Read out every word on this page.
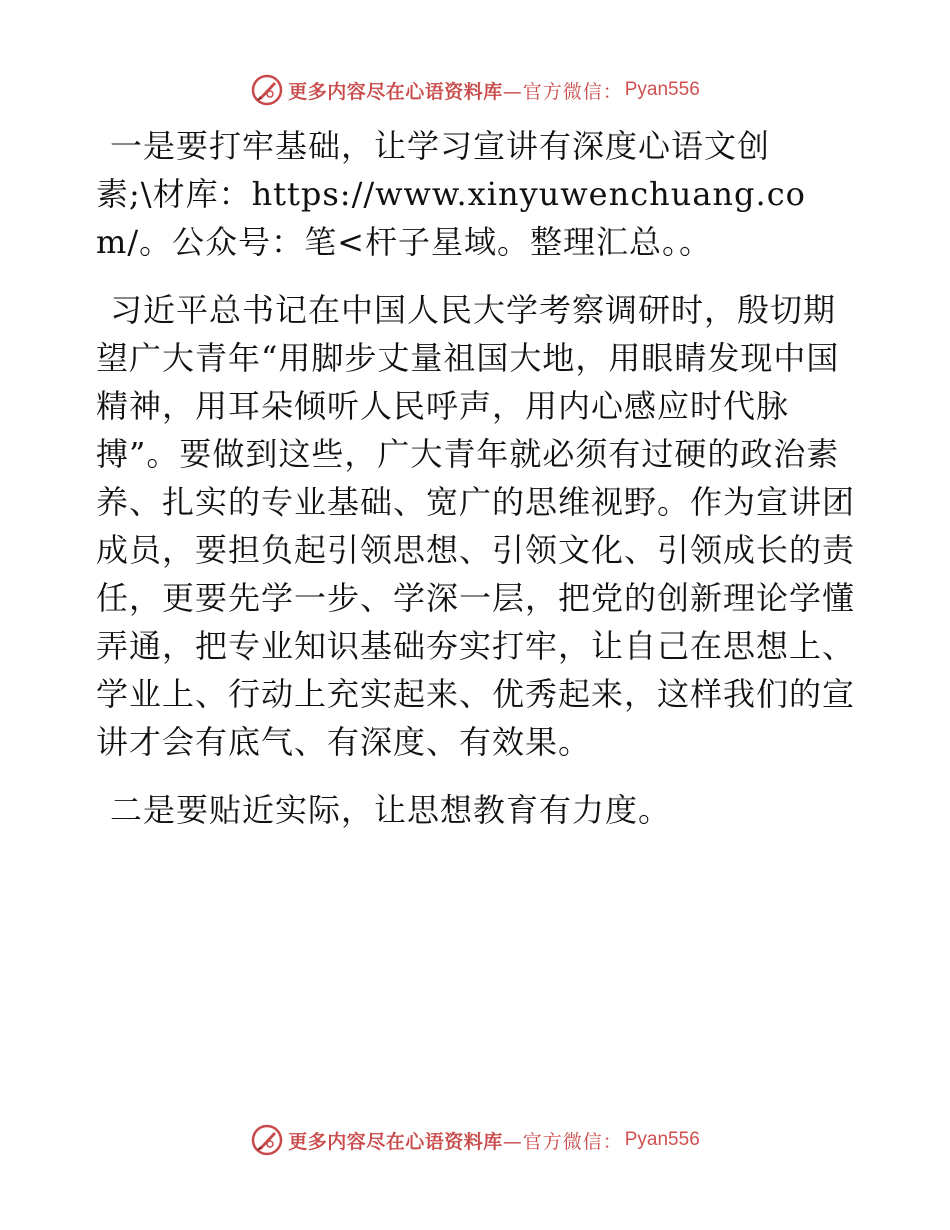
更多内容尽在心语资料库 —官方微信： Pyan556

一是要打牢基础，让学习宣讲有深度心语文创素;\材库：https://www.xinyuwenchuang.com/。公众号：笔<杆子星域。整理汇总。。

习近平总书记在中国人民大学考察调研时，殷切期望广大青年“用脚步丈量祖国大地，用眼睛发现中国精神，用耳朵倾听人民呼声，用内心感应时代脉搏”。要做到这些，广大青年就必须有过硬的政治素养、扎实的专业基础、宽广的思维视野。作为宣讲团成员，要担负起引领思想、引领文化、引领成长的责任，更要先学一步、学深一层，把党的创新理论学懂弄通，把专业知识基础夯实打牢，让自己在思想上、学业上、行动上充实起来、优秀起来，这样我们的宣讲才会有底气、有深度、有效果。

二是要贴近实际，让思想教育有力度。

更多内容尽在心语资料库 —官方微信： Pyan556
